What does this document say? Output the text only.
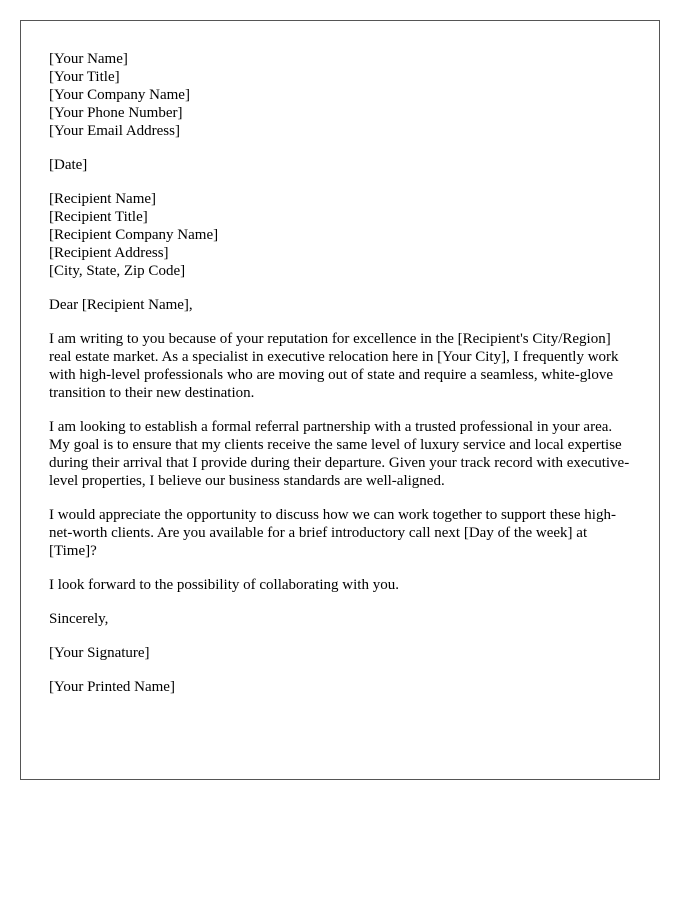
[Your Name]
[Your Title]
[Your Company Name]
[Your Phone Number]
[Your Email Address]
[Date]
[Recipient Name]
[Recipient Title]
[Recipient Company Name]
[Recipient Address]
[City, State, Zip Code]

Dear [Recipient Name],

I am writing to you because of your reputation for excellence in the [Recipient's City/Region] real estate market. As a specialist in executive relocation here in [Your City], I frequently work with high-level professionals who are moving out of state and require a seamless, white-glove transition to their new destination.

I am looking to establish a formal referral partnership with a trusted professional in your area. My goal is to ensure that my clients receive the same level of luxury service and local expertise during their arrival that I provide during their departure. Given your track record with executive-level properties, I believe our business standards are well-aligned.

I would appreciate the opportunity to discuss how we can work together to support these high-net-worth clients. Are you available for a brief introductory call next [Day of the week] at [Time]?

I look forward to the possibility of collaborating with you.

Sincerely,

[Your Signature]

[Your Printed Name]
